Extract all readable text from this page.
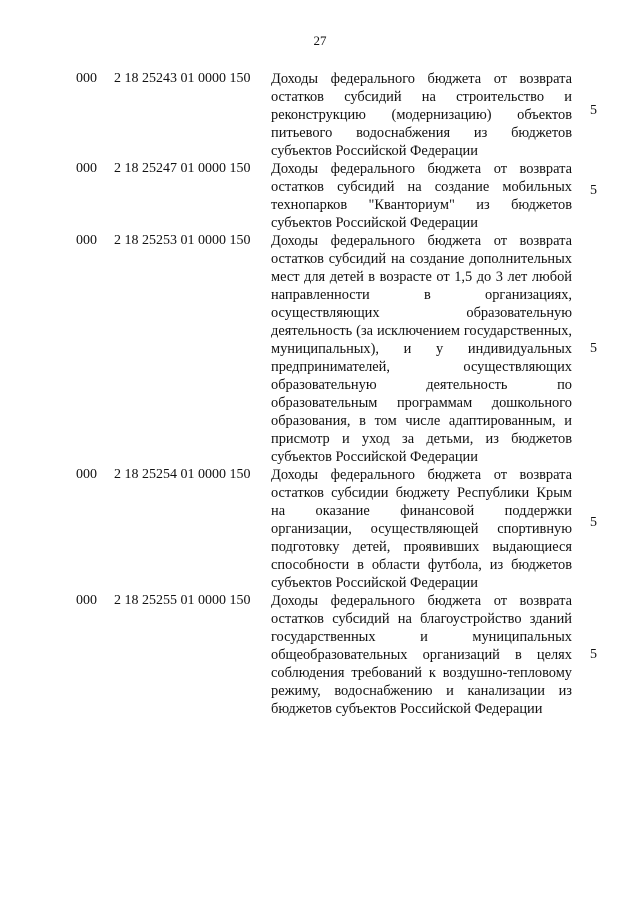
27
000 2 18 25243 01 0000 150 Доходы федерального бюджета от возврата остатков субсидий на строительство и реконструкцию (модернизацию) объектов питьевого водоснабжения из бюджетов субъектов Российской Федерации
5
000 2 18 25247 01 0000 150 Доходы федерального бюджета от возврата остатков субсидий на создание мобильных технопарков "Кванториум" из бюджетов субъектов Российской Федерации
5
000 2 18 25253 01 0000 150 Доходы федерального бюджета от возврата остатков субсидий на создание дополнительных мест для детей в возрасте от 1,5 до 3 лет любой направленности в организациях, осуществляющих образовательную деятельность (за исключением государственных, муниципальных), и у индивидуальных предпринимателей, осуществляющих образовательную деятельность по образовательным программам дошкольного образования, в том числе адаптированным, и присмотр и уход за детьми, из бюджетов субъектов Российской Федерации
5
000 2 18 25254 01 0000 150 Доходы федерального бюджета от возврата остатков субсидии бюджету Республики Крым на оказание финансовой поддержки организации, осуществляющей спортивную подготовку детей, проявивших выдающиеся способности в области футбола, из бюджетов субъектов Российской Федерации
5
000 2 18 25255 01 0000 150 Доходы федерального бюджета от возврата остатков субсидий на благоустройство зданий государственных и муниципальных общеобразовательных организаций в целях соблюдения требований к воздушно-тепловому режиму, водоснабжению и канализации из бюджетов субъектов Российской Федерации
5
